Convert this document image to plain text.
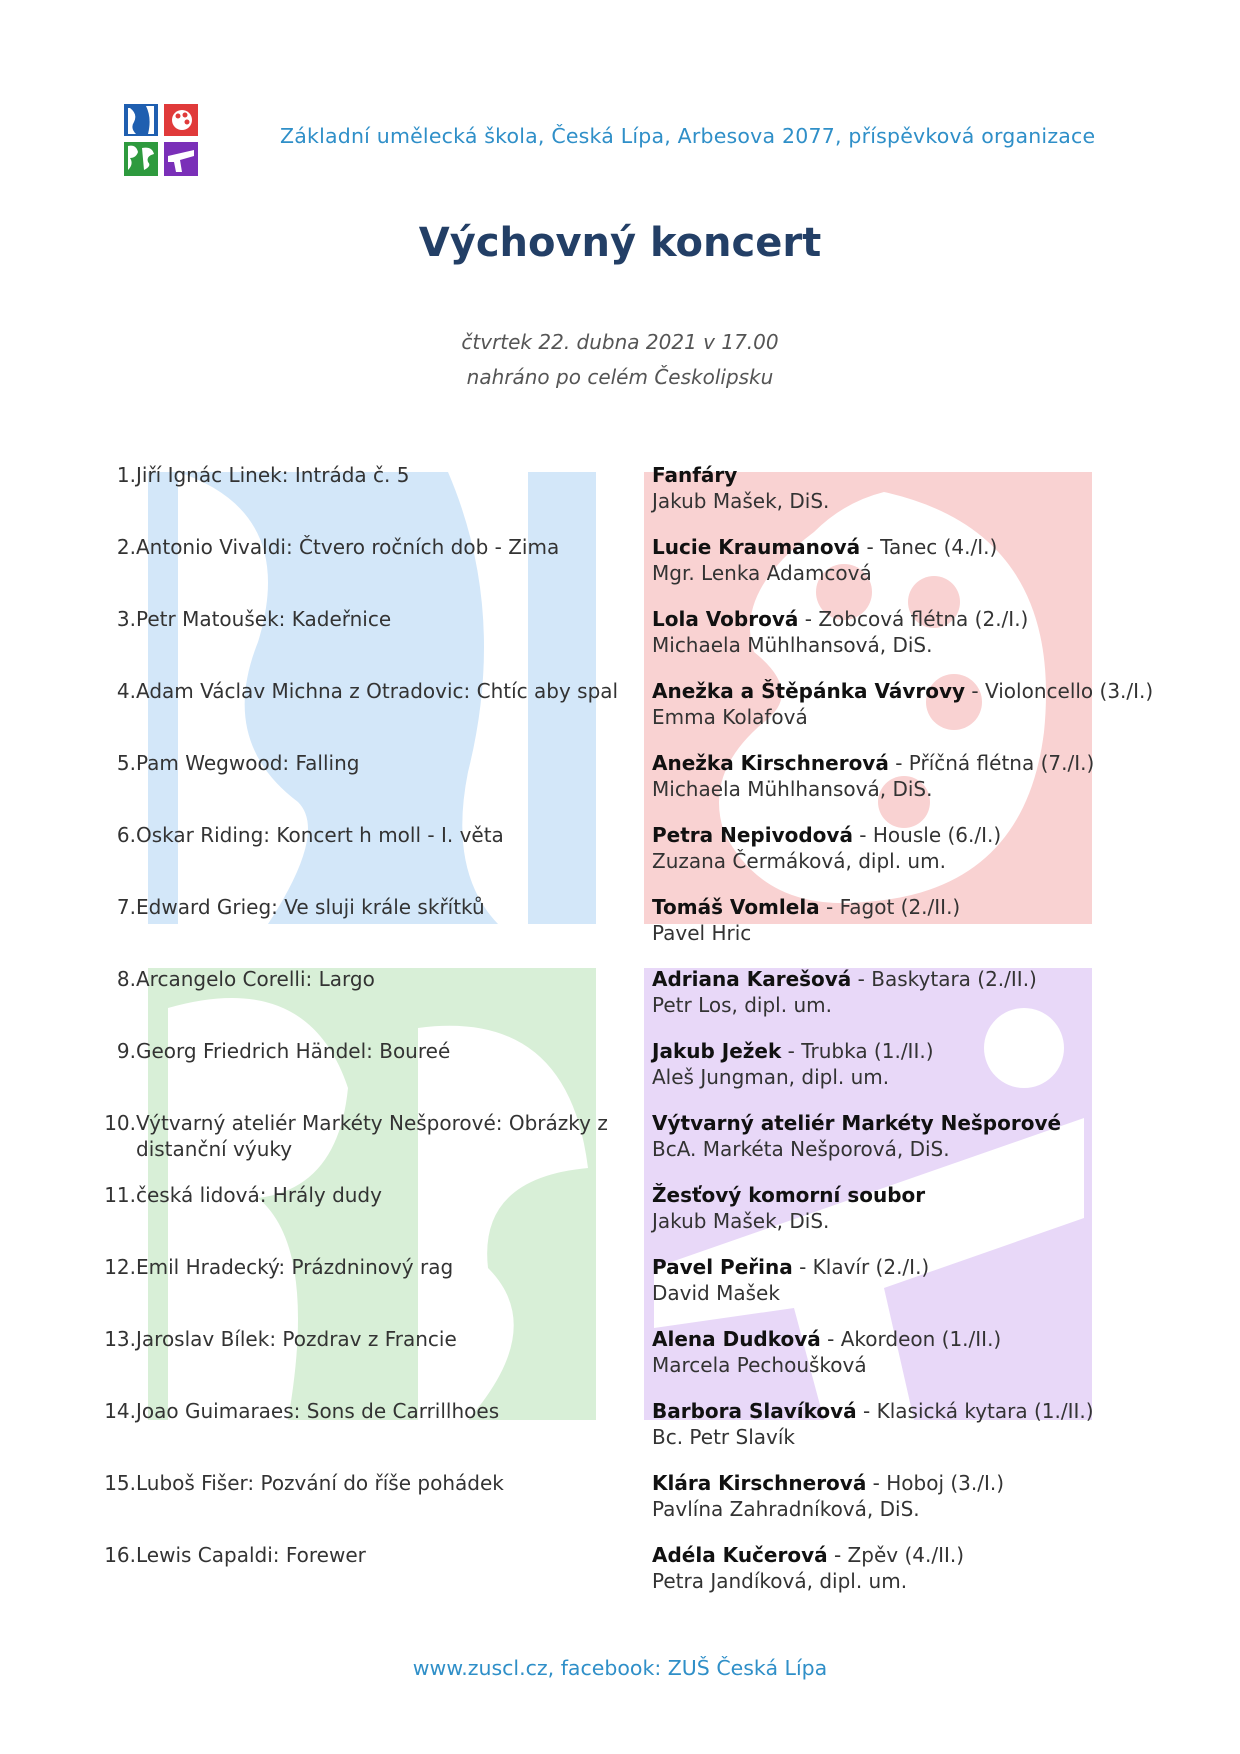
Základní umělecká škola, Česká Lípa, Arbesova 2077, příspěvková organizace
Výchovný koncert
čtvrtek 22. dubna 2021 v 17.00
nahráno po celém Českolipsku
1. Jiří Ignác Linek: Intráda č. 5	Fanfáry
Jakub Mašek, DiS.
2. Antonio Vivaldi: Čtvero ročních dob - Zima	Lucie Kraumanová - Tanec (4./I.)
Mgr. Lenka Adamcová
3. Petr Matoušek: Kadeřnice	Lola Vobrová - Zobcová flétna (2./I.)
Michaela Mühlhansová, DiS.
4. Adam Václav Michna z Otradovic: Chtíc aby spal	Anežka a Štěpánka Vávrovy - Violoncello (3./I.)
Emma Kolafová
5. Pam Wegwood: Falling	Anežka Kirschnerová - Příčná flétna (7./I.)
Michaela Mühlhansová, DiS.
6. Oskar Riding: Koncert h moll - I. věta	Petra Nepivodová - Housle (6./I.)
Zuzana Čermáková, dipl. um.
7. Edward Grieg: Ve sluji krále skřítků	Tomáš Vomlela - Fagot (2./II.)
Pavel Hric
8. Arcangelo Corelli: Largo	Adriana Karešová - Baskytara (2./II.)
Petr Los, dipl. um.
9. Georg Friedrich Händel: Boureé	Jakub Ježek - Trubka (1./II.)
Aleš Jungman, dipl. um.
10. Výtvarný ateliér Markéty Nešporové: Obrázky z distanční výuky
Výtvarný ateliér Markéty Nešporové
BcA. Markéta Nešporová, DiS.
11. česká lidová: Hrály dudy	Žesťový komorní soubor
Jakub Mašek, DiS.
12. Emil Hradecký: Prázdninový rag	Pavel Peřina - Klavír (2./I.)
David Mašek
13. Jaroslav Bílek: Pozdrav z Francie	Alena Dudková - Akordeon (1./II.)
Marcela Pechoušková
14. Joao Guimaraes: Sons de Carrillhoes	Barbora Slavíková - Klasická kytara (1./II.)
Bc. Petr Slavík
15. Luboš Fišer: Pozvání do říše pohádek	Klára Kirschnerová - Hoboj (3./I.)
Pavlína Zahradníková, DiS.
16. Lewis Capaldi: Forewer	Adéla Kučerová - Zpěv (4./II.)
Petra Jandíková, dipl. um.
www.zuscl.cz, facebook: ZUŠ Česká Lípa
